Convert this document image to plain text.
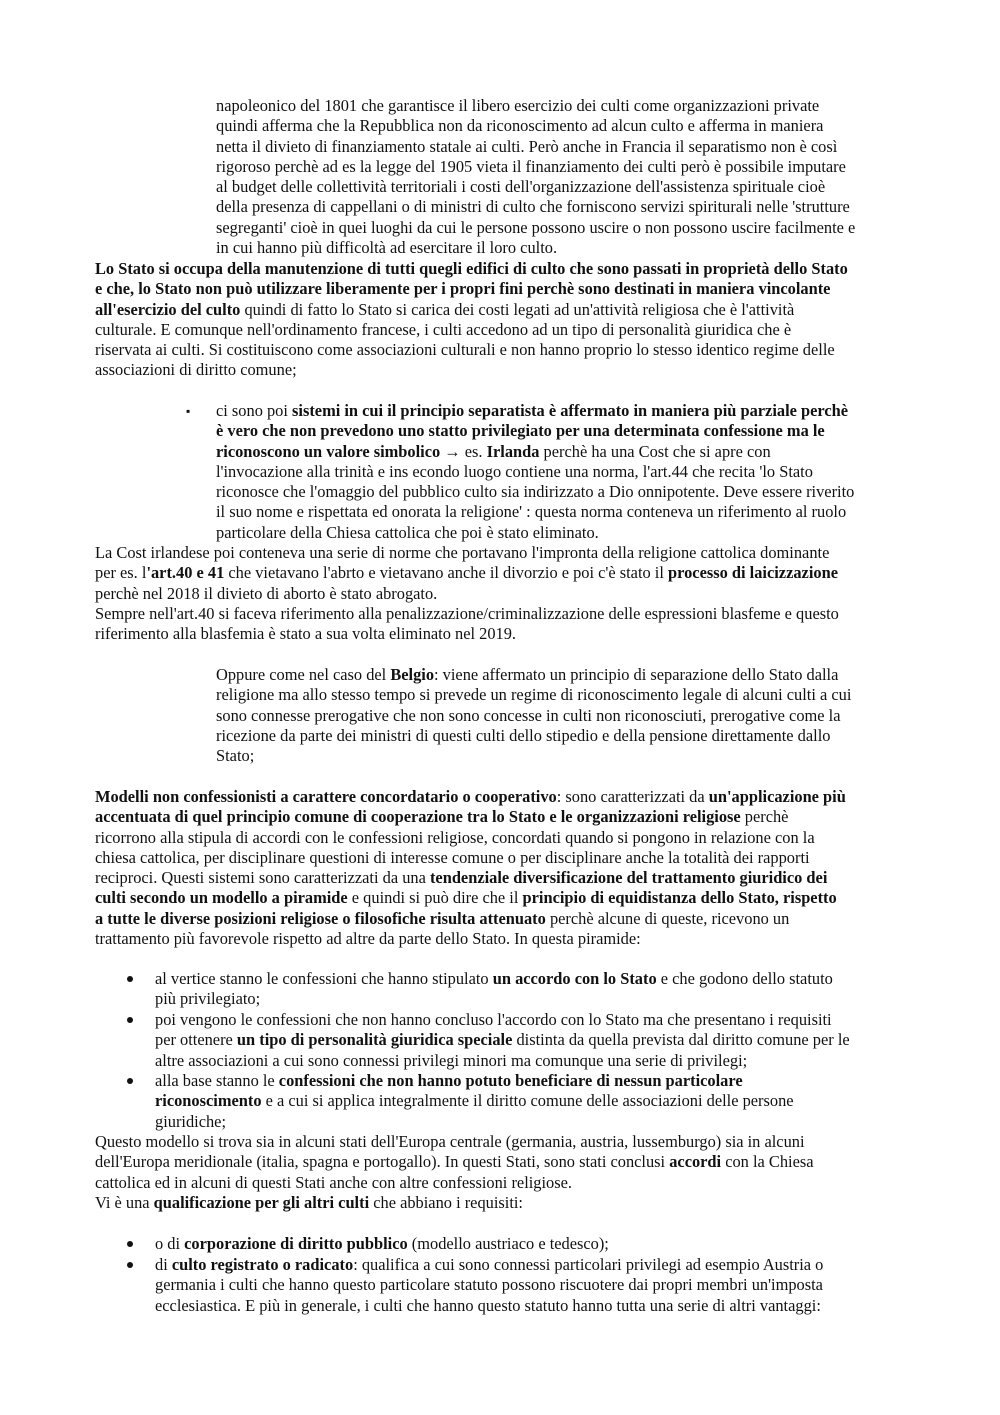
napoleonico del 1801 che garantisce il libero esercizio dei culti come organizzazioni private
quindi afferma che la Repubblica non da riconoscimento ad alcun culto e afferma in maniera
netta il divieto di finanziamento statale ai culti. Però anche in Francia il separatismo non è così
rigoroso perchè ad es la legge del 1905 vieta il finanziamento dei culti però è possibile imputare
al budget delle collettività territoriali i costi dell'organizzazione dell'assistenza spirituale cioè
della presenza di cappellani o di ministri di culto che forniscono servizi spiriturali nelle 'strutture
segreganti' cioè in quei luoghi da cui le persone possono uscire o non possono uscire facilmente e
in cui hanno più difficoltà ad esercitare il loro culto.
Lo Stato si occupa della manutenzione di tutti quegli edifici di culto che sono passati in proprietà dello Stato
e che, lo Stato non può utilizzare liberamente per i propri fini perchè sono destinati in maniera vincolante
all'esercizio del culto quindi di fatto lo Stato si carica dei costi legati ad un'attività religiosa che è l'attività
culturale. E comunque nell'ordinamento francese, i culti accedono ad un tipo di personalità giuridica che è
riservata ai culti. Si costituiscono come associazioni culturali e non hanno proprio lo stesso identico regime delle
associazioni di diritto comune;
▪ ci sono poi sistemi in cui il principio separatista è affermato in maniera più parziale perchè
è vero che non prevedono uno statto privilegiato per una determinata confessione ma le
riconoscono un valore simbolico → es. Irlanda perchè ha una Cost che si apre con
l'invocazione alla trinità e ins econdo luogo contiene una norma, l'art.44 che recita 'lo Stato
riconosce che l'omaggio del pubblico culto sia indirizzato a Dio onnipotente. Deve essere riverito
il suo nome e rispettata ed onorata la religione' : questa norma conteneva un riferimento al ruolo
particolare della Chiesa cattolica che poi è stato eliminato.
La Cost irlandese poi conteneva una serie di norme che portavano l'impronta della religione cattolica dominante
per es. l'art.40 e 41 che vietavano l'abrto e vietavano anche il divorzio e poi c'è stato il processo di laicizzazione
perchè nel 2018 il divieto di aborto è stato abrogato.
Sempre nell'art.40 si faceva riferimento alla penalizzazione/criminalizzazione delle espressioni blasfeme e questo
riferimento alla blasfemia è stato a sua volta eliminato nel 2019.
Oppure come nel caso del Belgio: viene affermato un principio di separazione dello Stato dalla
religione ma allo stesso tempo si prevede un regime di riconoscimento legale di alcuni culti a cui
sono connesse prerogative che non sono concesse in culti non riconosciuti, prerogative come la
ricezione da parte dei ministri di questi culti dello stipedio e della pensione direttamente dallo
Stato;
Modelli non confessionisti a carattere concordatario o cooperativo: sono caratterizzati da un'applicazione più
accentuata di quel principio comune di cooperazione tra lo Stato e le organizzazioni religiose perchè
ricorrono alla stipula di accordi con le confessioni religiose, concordati quando si pongono in relazione con la
chiesa cattolica, per disciplinare questioni di interesse comune o per disciplinare anche la totalità dei rapporti
reciproci. Questi sistemi sono caratterizzati da una tendenziale diversificazione del trattamento giuridico dei
culti secondo un modello a piramide e quindi si può dire che il principio di equidistanza dello Stato, rispetto
a tutte le diverse posizioni religiose o filosofiche risulta attenuato perchè alcune di queste, ricevono un
trattamento più favorevole rispetto ad altre da parte dello Stato. In questa piramide:
al vertice stanno le confessioni che hanno stipulato un accordo con lo Stato e che godono dello statuto
più privilegiato;
poi vengono le confessioni che non hanno concluso l'accordo con lo Stato ma che presentano i requisiti
per ottenere un tipo di personalità giuridica speciale distinta da quella prevista dal diritto comune per le
altre associazioni a cui sono connessi privilegi minori ma comunque una serie di privilegi;
alla base stanno le confessioni che non hanno potuto beneficiare di nessun particolare
riconoscimento e a cui si applica integralmente il diritto comune delle associazioni delle persone
giuridiche;
Questo modello si trova sia in alcuni stati dell'Europa centrale (germania, austria, lussemburgo) sia in alcuni
dell'Europa meridionale (italia, spagna e portogallo). In questi Stati, sono stati conclusi accordi con la Chiesa
cattolica ed in alcuni di questi Stati anche con altre confessioni religiose.
Vi è una qualificazione per gli altri culti che abbiano i requisiti:
o di corporazione di diritto pubblico (modello austriaco e tedesco);
di culto registrato o radicato: qualifica a cui sono connessi particolari privilegi ad esempio Austria o
germania i culti che hanno questo particolare statuto possono riscuotere dai propri membri un'imposta
ecclesiastica. E più in generale, i culti che hanno questo statuto hanno tutta una serie di altri vantaggi:
